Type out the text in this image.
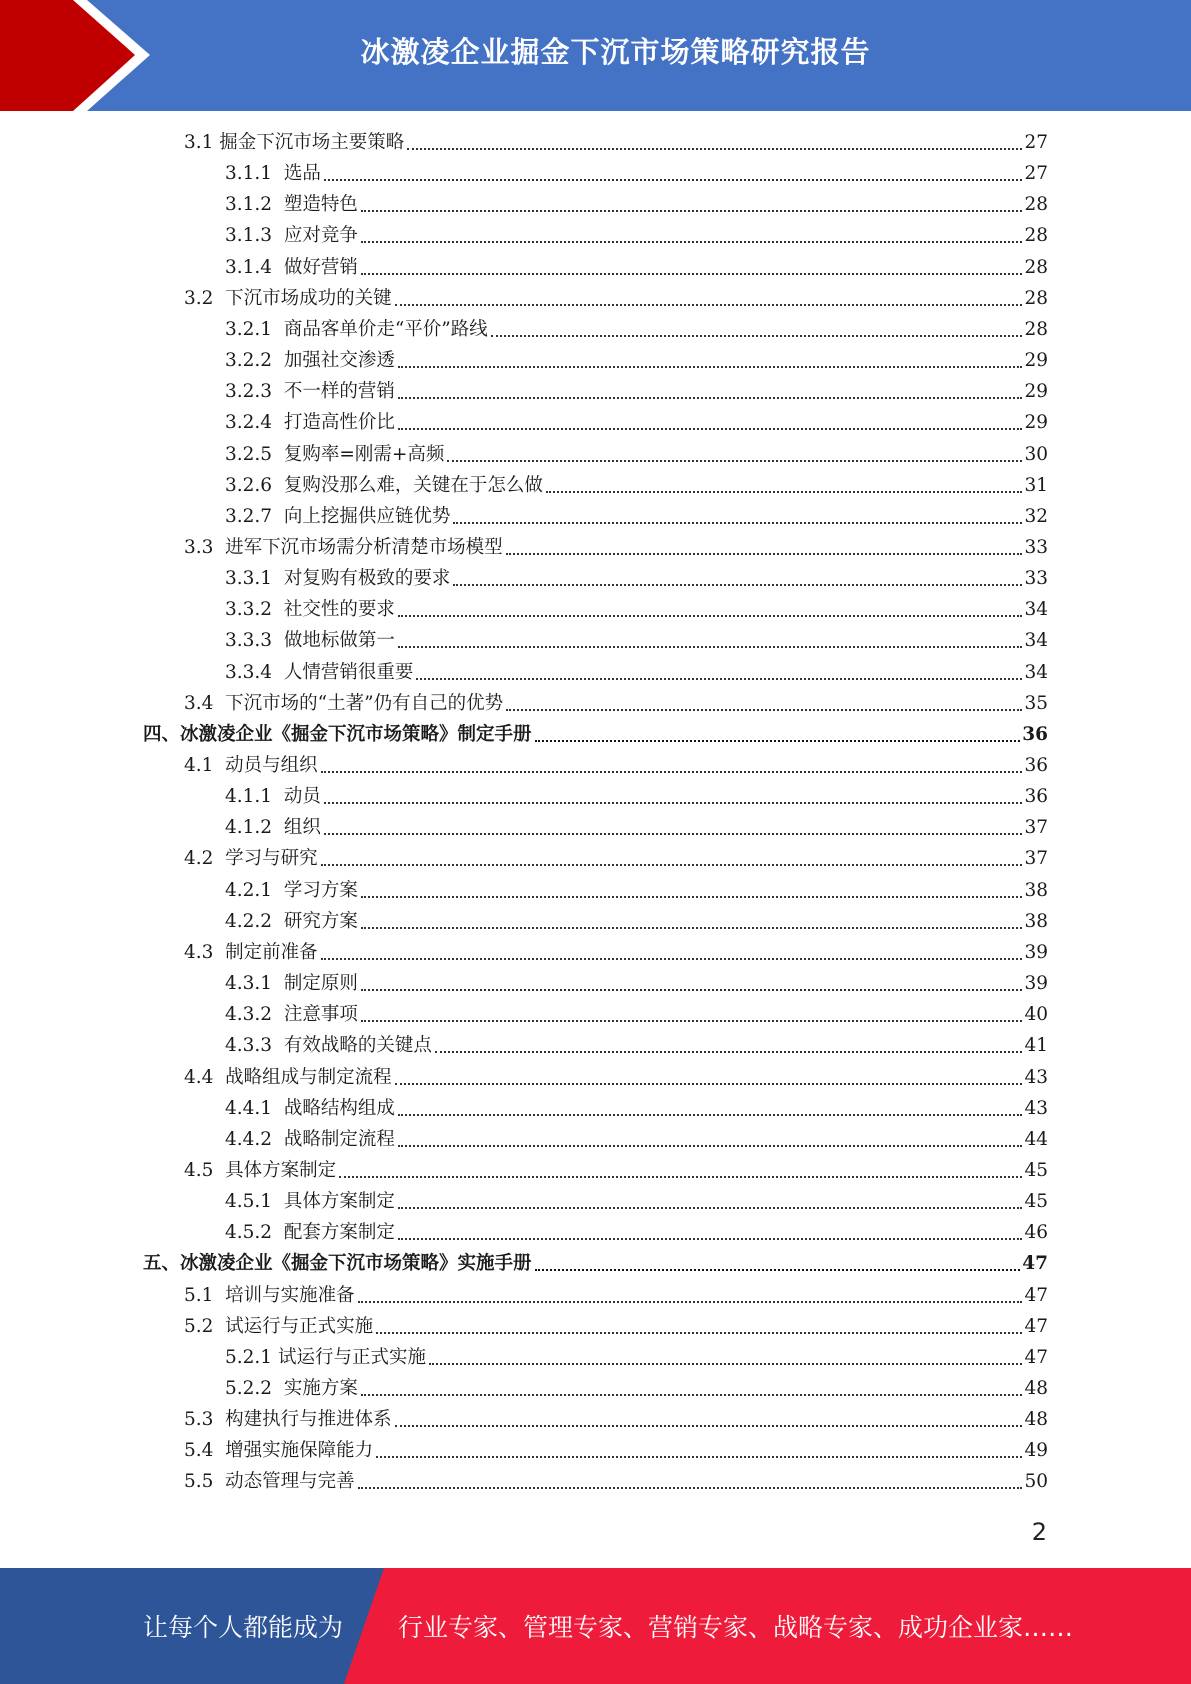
冰激凌企业掘金下沉市场策略研究报告
3.1 掘金下沉市场主要策略	27
3.1.1  选品	27
3.1.2  塑造特色	28
3.1.3  应对竞争	28
3.1.4  做好营销	28
3.2  下沉市场成功的关键	28
3.2.1  商品客单价走“平价”路线	28
3.2.2  加强社交渗透	29
3.2.3  不一样的营销	29
3.2.4  打造高性价比	29
3.2.5  复购率=刚需+高频	30
3.2.6  复购没那么难，关键在于怎么做	31
3.2.7  向上挖掘供应链优势	32
3.3  进军下沉市场需分析清楚市场模型	33
3.3.1  对复购有极致的要求	33
3.3.2  社交性的要求	34
3.3.3  做地标做第一	34
3.3.4  人情营销很重要	34
3.4  下沉市场的“土著”仍有自己的优势	35
四、冰激凌企业《掘金下沉市场策略》制定手册	36
4.1  动员与组织	36
4.1.1  动员	36
4.1.2  组织	37
4.2  学习与研究	37
4.2.1  学习方案	38
4.2.2  研究方案	38
4.3  制定前准备	39
4.3.1  制定原则	39
4.3.2  注意事项	40
4.3.3  有效战略的关键点	41
4.4  战略组成与制定流程	43
4.4.1  战略结构组成	43
4.4.2  战略制定流程	44
4.5  具体方案制定	45
4.5.1  具体方案制定	45
4.5.2  配套方案制定	46
五、冰激凌企业《掘金下沉市场策略》实施手册	47
5.1  培训与实施准备	47
5.2  试运行与正式实施	47
5.2.1 试运行与正式实施	47
5.2.2  实施方案	48
5.3  构建执行与推进体系	48
5.4  增强实施保障能力	49
5.5  动态管理与完善	50
2
让每个人都能成为 行业专家、管理专家、营销专家、战略专家、成功企业家……
